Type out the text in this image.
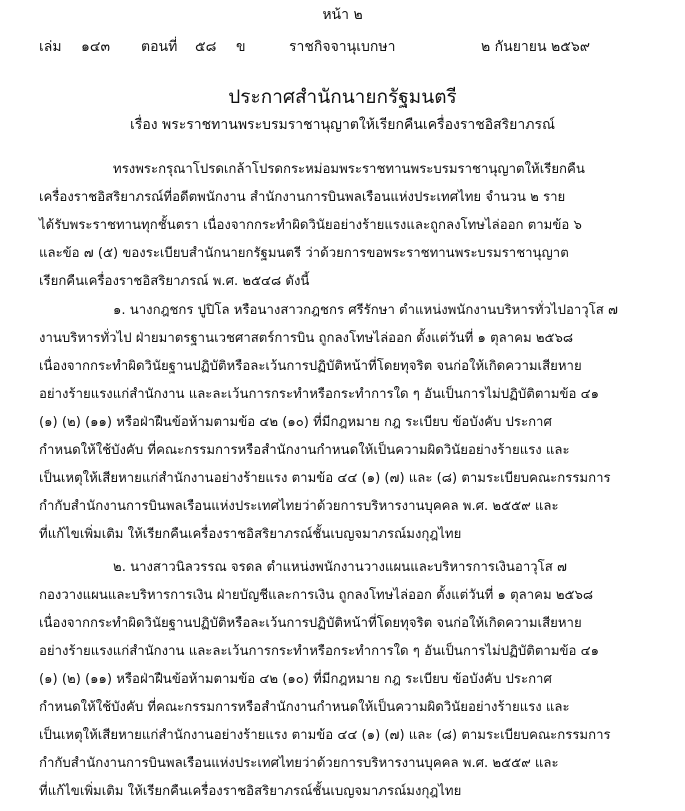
หน้า ๒
เล่ม ๑๔๓ ตอนที่ ๕๘ ข	ราชกิจจานุเบกษา	๒ กันยายน ๒๕๖๙
ประกาศสำนักนายกรัฐมนตรี
เรื่อง พระราชทานพระบรมราชานุญาตให้เรียกคืนเครื่องราชอิสริยาภรณ์
ทรงพระกรุณาโปรดเกล้าโปรดกระหม่อมพระราชทานพระบรมราชานุญาตให้เรียกคืน
เครื่องราชอิสริยาภรณ์ที่อดีตพนักงาน สำนักงานการบินพลเรือนแห่งประเทศไทย จำนวน ๒ ราย
ได้รับพระราชทานทุกชั้นตรา เนื่องจากกระทำผิดวินัยอย่างร้ายแรงและถูกลงโทษไล่ออก ตามข้อ ๖
และข้อ ๗ (๕) ของระเบียบสำนักนายกรัฐมนตรี ว่าด้วยการขอพระราชทานพระบรมราชานุญาต
เรียกคืนเครื่องราชอิสริยาภรณ์ พ.ศ. ๒๕๔๘ ดังนี้
๑. นางกฎชกร ปูปิโล หรือนางสาวกฎชกร ศรีรักษา ตำแหน่งพนักงานบริหารทั่วไปอาวุโส ๗
งานบริหารทั่วไป ฝ่ายมาตรฐานเวชศาสตร์การบิน ถูกลงโทษไล่ออก ตั้งแต่วันที่ ๑ ตุลาคม ๒๕๖๘
เนื่องจากกระทำผิดวินัยฐานปฏิบัติหรือละเว้นการปฏิบัติหน้าที่โดยทุจริต จนก่อให้เกิดความเสียหาย
อย่างร้ายแรงแก่สำนักงาน และละเว้นการกระทำหรือกระทำการใด ๆ อันเป็นการไม่ปฏิบัติตามข้อ ๔๑
(๑) (๒) (๑๑) หรือฝ่าฝืนข้อห้ามตามข้อ ๔๒ (๑๐) ที่มีกฎหมาย กฎ ระเบียบ ข้อบังคับ ประกาศ
กำหนดให้ใช้บังคับ ที่คณะกรรมการหรือสำนักงานกำหนดให้เป็นความผิดวินัยอย่างร้ายแรง และ
เป็นเหตุให้เสียหายแก่สำนักงานอย่างร้ายแรง ตามข้อ ๔๔ (๑) (๗) และ (๘) ตามระเบียบคณะกรรมการ
กำกับสำนักงานการบินพลเรือนแห่งประเทศไทยว่าด้วยการบริหารงานบุคคล พ.ศ. ๒๕๕๙ และ
ที่แก้ไขเพิ่มเติม ให้เรียกคืนเครื่องราชอิสริยาภรณ์ชั้นเบญจมาภรณ์มงกุฎไทย
๒. นางสาวนิลวรรณ จรดล ตำแหน่งพนักงานวางแผนและบริหารการเงินอาวุโส ๗
กองวางแผนและบริหารการเงิน ฝ่ายบัญชีและการเงิน ถูกลงโทษไล่ออก ตั้งแต่วันที่ ๑ ตุลาคม ๒๕๖๘
เนื่องจากกระทำผิดวินัยฐานปฏิบัติหรือละเว้นการปฏิบัติหน้าที่โดยทุจริต จนก่อให้เกิดความเสียหาย
อย่างร้ายแรงแก่สำนักงาน และละเว้นการกระทำหรือกระทำการใด ๆ อันเป็นการไม่ปฏิบัติตามข้อ ๔๑
(๑) (๒) (๑๑) หรือฝ่าฝืนข้อห้ามตามข้อ ๔๒ (๑๐) ที่มีกฎหมาย กฎ ระเบียบ ข้อบังคับ ประกาศ
กำหนดให้ใช้บังคับ ที่คณะกรรมการหรือสำนักงานกำหนดให้เป็นความผิดวินัยอย่างร้ายแรง และ
เป็นเหตุให้เสียหายแก่สำนักงานอย่างร้ายแรง ตามข้อ ๔๔ (๑) (๗) และ (๘) ตามระเบียบคณะกรรมการ
กำกับสำนักงานการบินพลเรือนแห่งประเทศไทยว่าด้วยการบริหารงานบุคคล พ.ศ. ๒๕๕๙ และ
ที่แก้ไขเพิ่มเติม ให้เรียกคืนเครื่องราชอิสริยาภรณ์ชั้นเบญจมาภรณ์มงกุฎไทย
